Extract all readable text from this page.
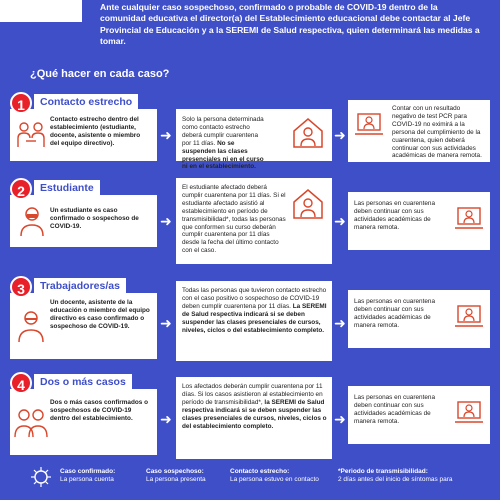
Ante cualquier caso sospechoso, confirmado o probable de COVID-19 dentro de la comunidad educativa el director(a) del Establecimiento educacional debe contactar al Jefe Provincial de Educación y a la SEREMI de Salud respectiva, quien determinará las medidas a tomar.
¿Qué hacer en cada caso?
1	Contacto estrecho
Contacto estrecho dentro del establecimiento (estudiante, docente, asistente o miembro del equipo directivo).
➜
Solo la persona determinada como contacto estrecho deberá cumplir cuarentena por 11 días. No se suspenden las clases presenciales ni en el curso ni en el establecimiento.
➜
Contar con un resultado negativo de test PCR para COVID-19 no eximirá a la persona del cumplimiento de la cuarentena, quien deberá continuar con sus actividades académicas de manera remota.
2	Estudiante
Un estudiante es caso confirmado o sospechoso de COVID-19.	➜
El estudiante afectado deberá cumplir cuarentena por 11 días. Si el estudiante afectado asistió al establecimiento en período de transmisibilidad*, todas las personas que conformen su curso deberán cumplir cuarentena por 11 días desde la fecha del último contacto con el caso.
➜
Las personas en cuarentena deben continuar con sus actividades académicas de manera remota.
3	Trabajadores/as
Un docente, asistente de la educación o miembro del equipo directivo es caso confirmado o sospechoso de COVID-19.	➜
Todas las personas que tuvieron contacto estrecho con el caso positivo o sospechoso de COVID-19 deben cumplir cuarentena por 11 días. La SEREMI de Salud respectiva indicará si se deben suspender las clases presenciales de cursos, niveles, ciclos o del establecimiento completo. ➜
Las personas en cuarentena deben continuar con sus actividades académicas de manera remota.
4	Dos o más casos
Dos o más casos confirmados o sospechosos de COVID-19 dentro del establecimiento.	➜
Los afectados deberán cumplir cuarentena por 11 días. Si los casos asistieron al establecimiento en período de transmisibilidad*, la SEREMI de Salud respectiva indicará si se deben suspender las clases presenciales de cursos, niveles, ciclos o del establecimiento completo.	➜
Las personas en cuarentena deben continuar con sus actividades académicas de manera remota.
Caso confirmado:
La persona cuenta
Caso sospechoso:
La persona presenta
Contacto estrecho:
La persona estuvo en contacto
*Periodo de transmisibilidad:
2 días antes del inicio de síntomas para
